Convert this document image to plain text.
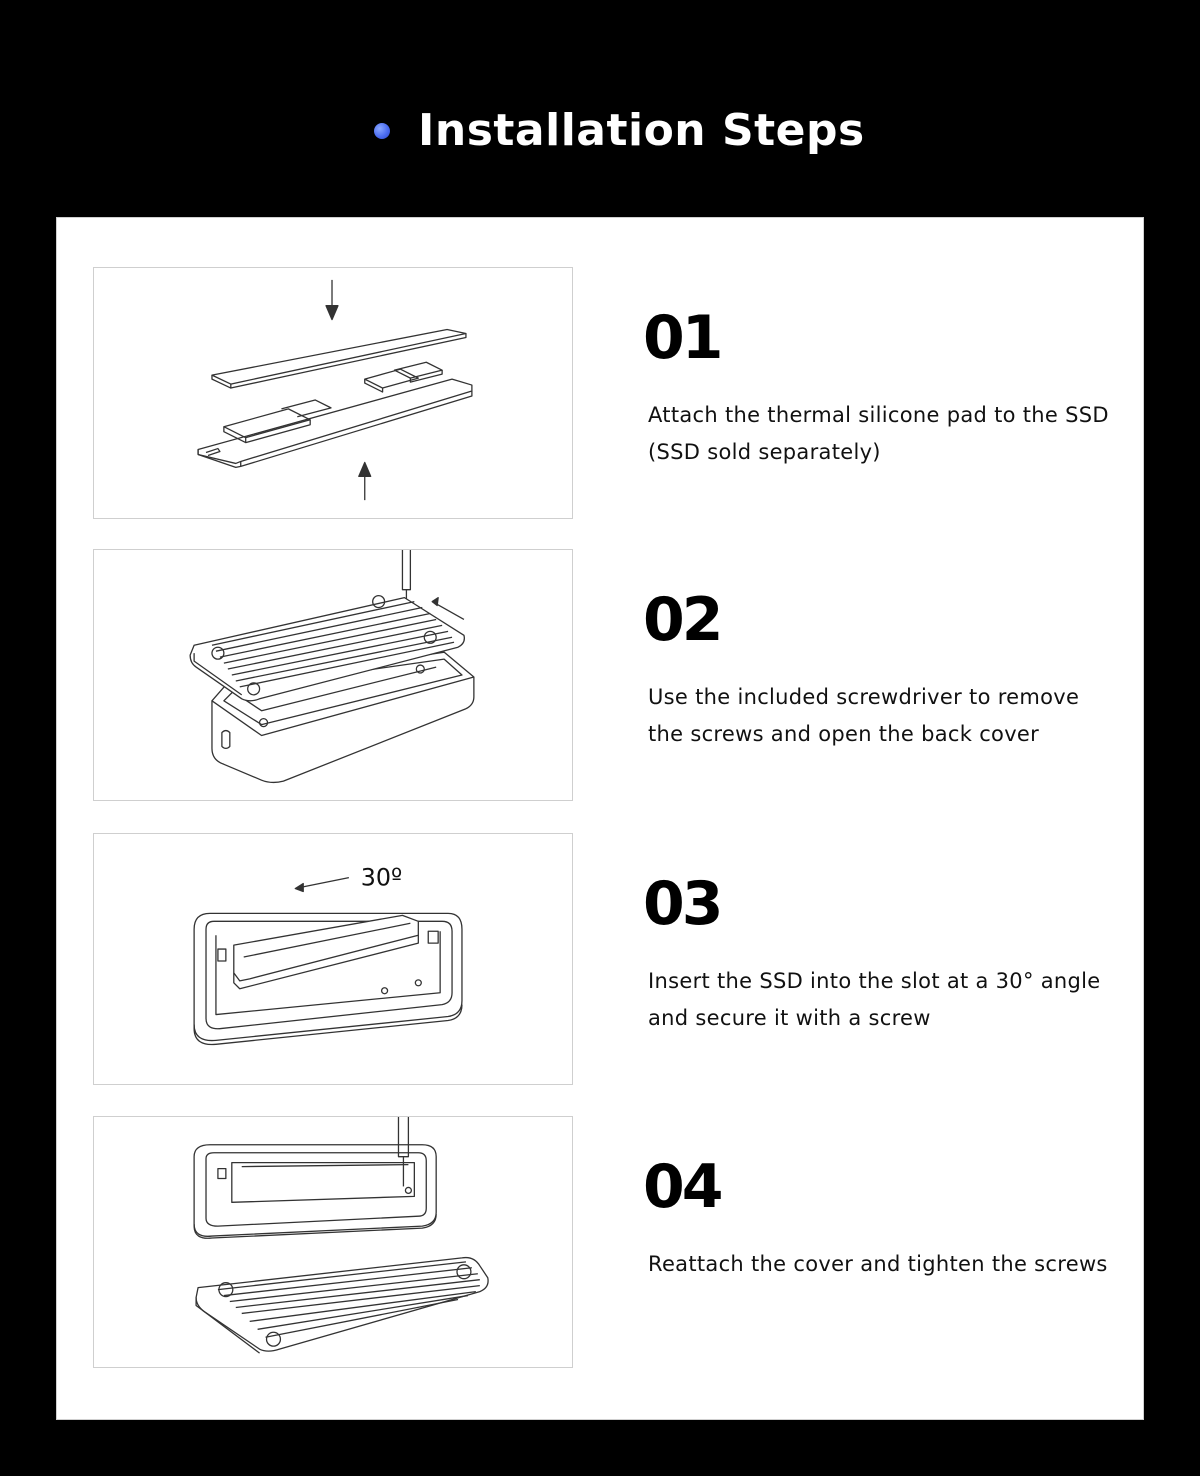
Installation Steps
01
Attach the thermal silicone pad to the SSD (SSD sold separately)
02
Use the included screwdriver to remove the screws and open the back cover
30º	03
Insert the SSD into the slot at a 30° angle and secure it with a screw
04
Reattach the cover and tighten the screws
